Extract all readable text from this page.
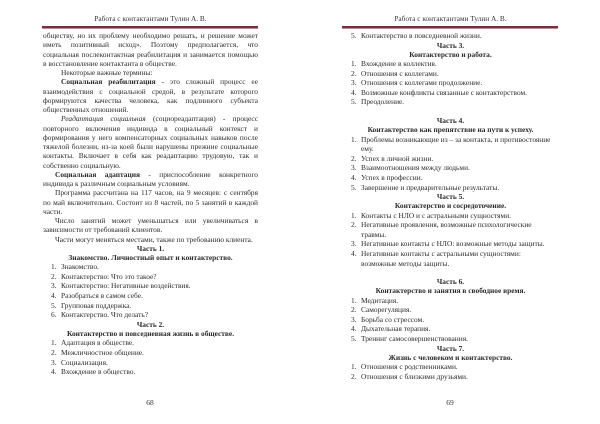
Работа с контактантами Тулин А. В.

обществу, но их проблему необходимо решать, и решение может иметь позитивный исход». Поэтому предполагается, что социальная послеконтактная реабилитация и занимается помощью в восстановление контактанта в обществе.

Некоторые важные термины:

Социальная реабилитация - это сложный процесс ее взаимодействия с социальной средой, в результате которого формируются качества человека, как подлинного субъекта общественных отношений.

Реадаптация социальная (социореадаптация) - процесс повторного включения индивида в социальный контекст и формирования у него компенсаторных социальных навыков после тяжелой болезни, из-за коей были нарушены прежние социальные контакты. Включает в себя как реадаптацию трудовую, так и собственно социальную.

Социальная адаптация - приспособление конкретного индивида к различным социальным условиям.

Программа рассчитана на 117 часов, на 9 месяцев: с сентября по май включительно. Состоит из 8 частей, по 5 занятий в каждой части.

Число занятий может уменьшаться или увеличиваться в зависимости от требований клиентов.

Части могут меняться местами, также по требованию клиента.

Часть 1.

Знакомство. Личностный опыт и контактерство.

1. Знакомство.
2. Контактерство: Что это такое?
3. Контактерство: Негативные воздействия.
4. Разобраться в самом себе.
5. Групповая поддержка.
6. Контактерство. Что делать?

Часть 2.

Контактерство и повседневная жизнь в обществе.

1. Адаптация в обществе.
2. Межличностное общение.
3. Социализация.
4. Вхождение в общество.
68
Работа с контактантами Тулин А. В.
5. Контактерство в повседневной жизни.

Часть 3.

Контактерство и работа.

1. Вхождение в коллектив.
2. Отношения с коллегами.
3. Отношения с коллегами продолжение.
4. Возможные конфликты связанные с контактерством.
5. Преодоление.

Часть 4.

Контактерство как препятствие на пути к успеху.

1. Проблемы возникающие из – за контакта, и противостояние ему.
2. Успех в личной жизни.
3. Взаимоотношения между людьми.
4. Успех в профессии.
5. Завершение и предварительные результаты.

Часть 5.

Контактерство и сосредоточение.

1. Контакты с НЛО и с астральными сущностями.
2. Негативные проявления, возможные психологические травмы.
3. Негативные контакты с НЛО: возможные методы защиты.
4. Негативные контакты с астральными сущностями: возможные методы защиты.

Часть 6.

Контактерство и занятия в свободное время.

1. Медитация.
2. Саморегуляция.
3. Борьба со стрессом.
4. Дыхательная терапия.
5. Тренинг самосовершенствования.

Часть 7.

Жизнь с человеком и контактерство.

1. Отношения с родственниками.
2. Отношения с близкими друзьями.
69
